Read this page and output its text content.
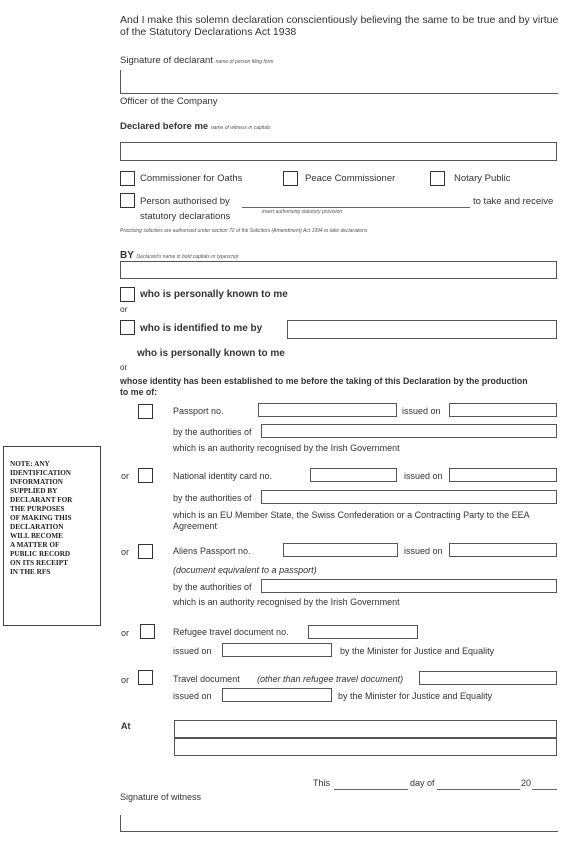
And I make this solemn declaration conscientiously believing the same to be true and by virtue
of the Statutory Declarations Act 1938
Signature of declarant name of person filing form
Officer of the Company
Declared before me name of witness in capitals
Commissioner for Oaths	Peace Commissioner	Notary Public
Person authorised by	to take and receive
statutory declarations	insert authorising statutory provision
Practising solicitors are authorised under section 72 of the Solicitors (Amendment) Act 1994 to take declarations
BY Declarant's name in bold capitals or typescript
who is personally known to me
or
who is identified to me by
who is personally known to me
or
whose identity has been established to me before the taking of this Declaration by the production
to me of:
NOTE: ANY
IDENTIFICATION
INFORMATION
SUPPLIED BY
DECLARANT FOR
THE PURPOSES
OF MAKING THIS
DECLARATION
WILL BECOME
A MATTER OF
PUBLIC RECORD
ON ITS RECEIPT
IN THE RFS
Passport no.	issued on
by the authorities of
which is an authority recognised by the Irish Government
or	National identity card no.	issued on
by the authorities of
which is an EU Member State, the Swiss Confederation or a Contracting Party to the EEA
Agreement
or	Aliens Passport no.	issued on
(document equivalent to a passport)
by the authorities of
which is an authority recognised by the Irish Government
or	Refugee travel document no.
issued on	by the Minister for Justice and Equality
or	Travel document (other than refugee travel document)
issued on	by the Minister for Justice and Equality
At
This	day of	20
Signature of witness
